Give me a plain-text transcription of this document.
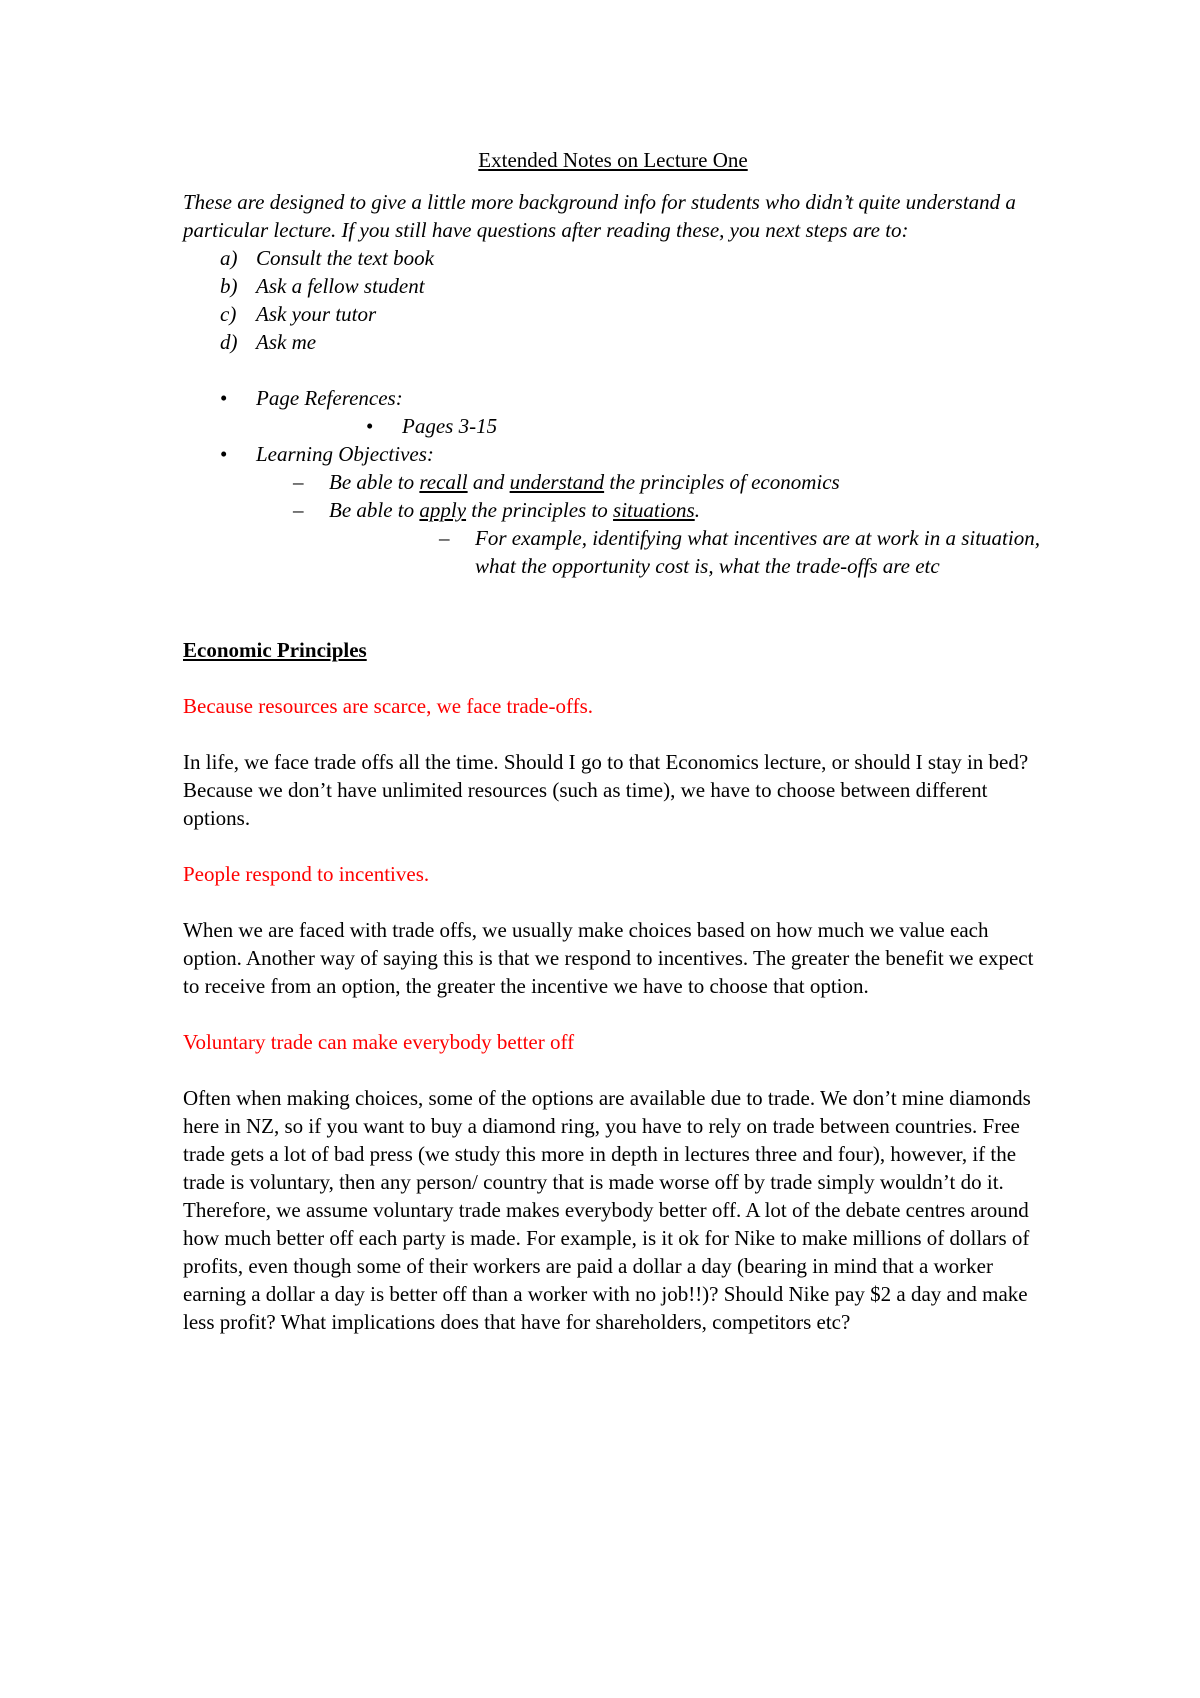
Extended Notes on Lecture One

These are designed to give a little more background info for students who didn’t quite understand a particular lecture. If you still have questions after reading these, you next steps are to:

a) Consult the text book
b) Ask a fellow student
c) Ask your tutor
d) Ask me
• Page References:
• Pages 3-15
• Learning Objectives:
– Be able to recall and understand the principles of economics
– Be able to apply the principles to situations.
– For example, identifying what incentives are at work in a situation, what the opportunity cost is, what the trade-offs are etc

Economic Principles

Because resources are scarce, we face trade-offs.

In life, we face trade offs all the time. Should I go to that Economics lecture, or should I stay in bed? Because we don’t have unlimited resources (such as time), we have to choose between different options.

People respond to incentives.

When we are faced with trade offs, we usually make choices based on how much we value each option. Another way of saying this is that we respond to incentives. The greater the benefit we expect to receive from an option, the greater the incentive we have to choose that option.

Voluntary trade can make everybody better off

Often when making choices, some of the options are available due to trade. We don’t mine diamonds here in NZ, so if you want to buy a diamond ring, you have to rely on trade between countries. Free trade gets a lot of bad press (we study this more in depth in lectures three and four), however, if the trade is voluntary, then any person/ country that is made worse off by trade simply wouldn’t do it. Therefore, we assume voluntary trade makes everybody better off. A lot of the debate centres around how much better off each party is made. For example, is it ok for Nike to make millions of dollars of profits, even though some of their workers are paid a dollar a day (bearing in mind that a worker earning a dollar a day is better off than a worker with no job!!)? Should Nike pay $2 a day and make less profit? What implications does that have for shareholders, competitors etc?
